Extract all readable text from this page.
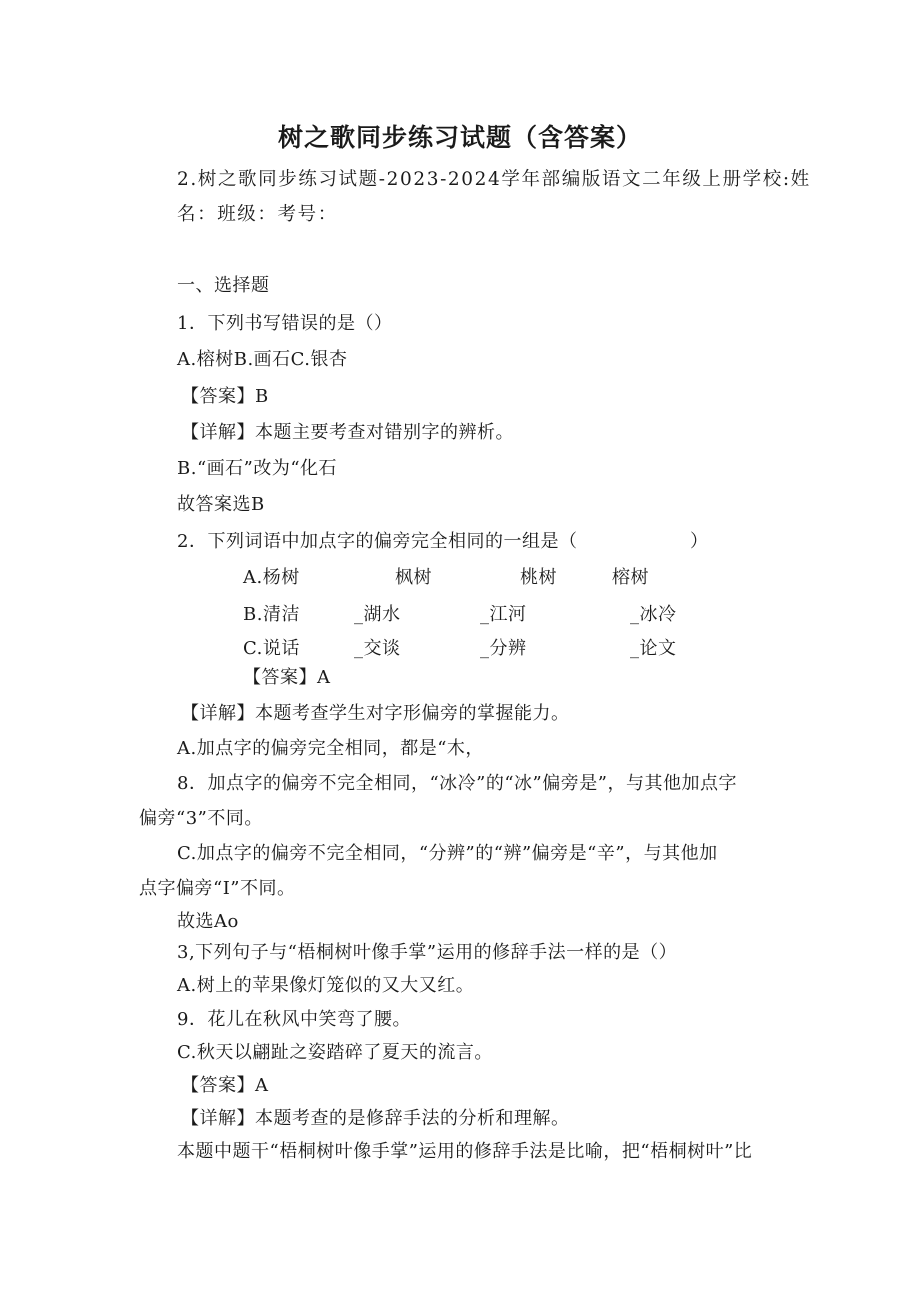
树之歌同步练习试题（含答案）
2.树之歌同步练习试题-2023-2024学年部编版语文二年级上册学校:姓
名：班级：考号：
一、选择题
1．下列书写错误的是（）
A.榕树B.画石C.银杏
【答案】B
【详解】本题主要考查对错别字的辨析。
B.“画石”改为“化石
故答案选B
2．下列词语中加点字的偏旁完全相同的一组是（	）
A.杨树	枫树	桃树	榕树
B.清洁	_湖水	_江河	_冰冷
C.说话	_交谈	_分辨	_论文
【答案】A
【详解】本题考查学生对字形偏旁的掌握能力。
A.加点字的偏旁完全相同，都是“木，
8．加点字的偏旁不完全相同，“冰冷”的“冰”偏旁是”，与其他加点字
偏旁“3”不同。
C.加点字的偏旁不完全相同，“分辨”的“辨”偏旁是“辛”，与其他加
点字偏旁“I”不同。
故选Ao
3,下列句子与“梧桐树叶像手掌”运用的修辞手法一样的是（）
A.树上的苹果像灯笼似的又大又红。
9．花儿在秋风中笑弯了腰。
C.秋天以翩趾之姿踏碎了夏天的流言。
【答案】A
【详解】本题考查的是修辞手法的分析和理解。
本题中题干“梧桐树叶像手掌”运用的修辞手法是比喻，把“梧桐树叶”比
